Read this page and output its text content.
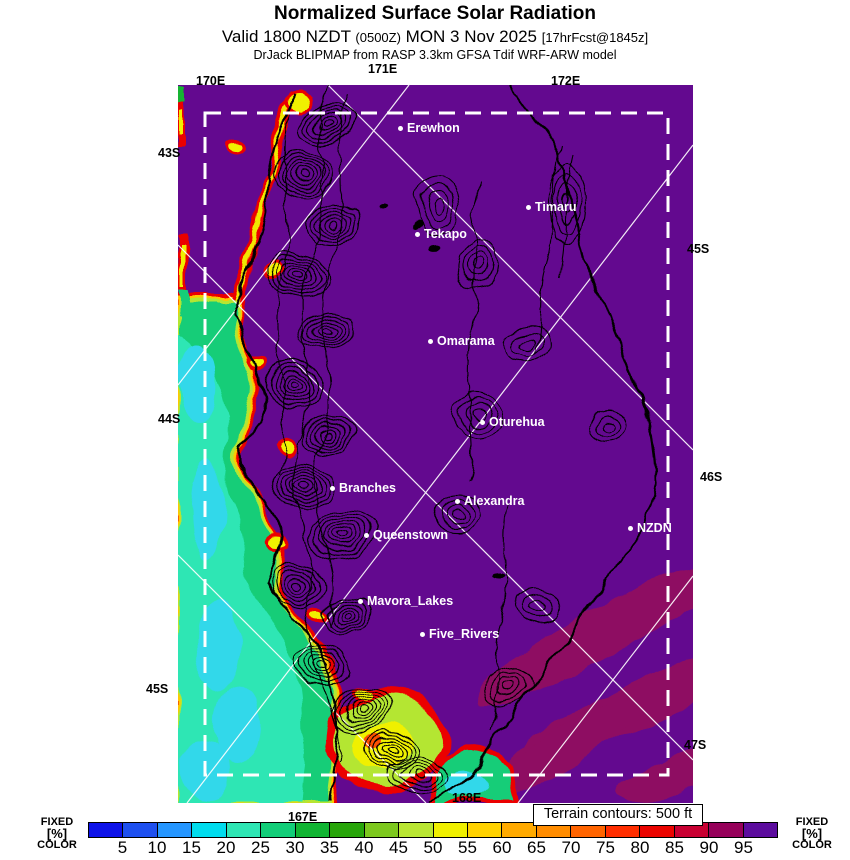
Normalized Surface Solar Radiation
Valid 1800 NZDT (0500Z) MON 3 Nov 2025 [17hrFcst@1845z]
DrJack BLIPMAP from RASP 3.3km GFSA Tdif WRF-ARW model
Erewhon
Timaru
Tekapo
Omarama
Oturehua
Branches
Alexandra
Queenstown	NZDN
Mavora_Lakes
Five_Rivers
171E
170E	172E
43S
44S
45S
45S
46S
47S
167E
168E
Terrain contours: 500 ft
5 10 15 20 25 30 35 40 45 50 55 60 65 70 75 80 85 90 95
FIXED
[%]
COLOR
FIXED
[%]
COLOR
